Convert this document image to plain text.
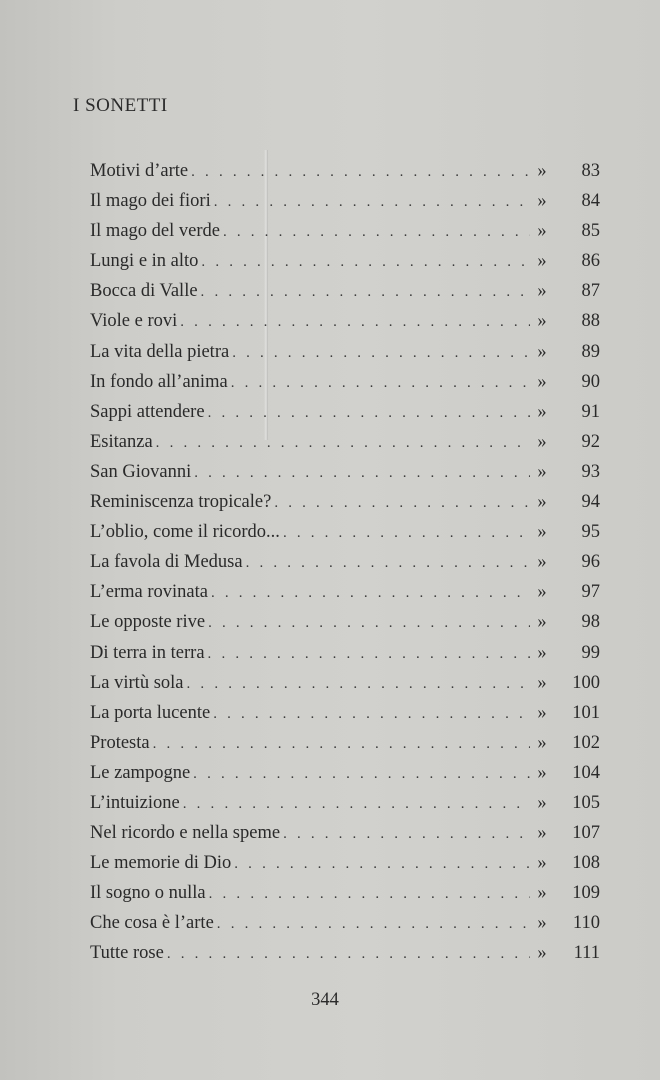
I SONETTI
Motivi d’arte . . .	»	83
Il mago dei fiori . . .	»	84
Il mago del verde . . .	»	85
Lungi e in alto . . .	»	86
Bocca di Valle . . .	»	87
Viole e rovi . . .	»	88
La vita della pietra . . .	»	89
In fondo all’anima . . .	»	90
Sappi attendere . . .	»	91
Esitanza . . .	»	92
San Giovanni . . .	»	93
Reminiscenza tropicale? . . .	»	94
L’oblio, come il ricordo... . . .	»	95
La favola di Medusa . . .	»	96
L’erma rovinata . . .	»	97
Le opposte rive . . .	»	98
Di terra in terra . . .	»	99
La virtù sola . . .	»	100
La porta lucente . . .	»	101
Protesta . . .	»	102
Le zampogne . . .	»	104
L’intuizione . . .	»	105
Nel ricordo e nella speme . . .	»	107
Le memorie di Dio . . .	»	108
Il sogno o nulla . . .	»	109
Che cosa è l’arte . . .	»	110
Tutte rose . . .	»	111
344
